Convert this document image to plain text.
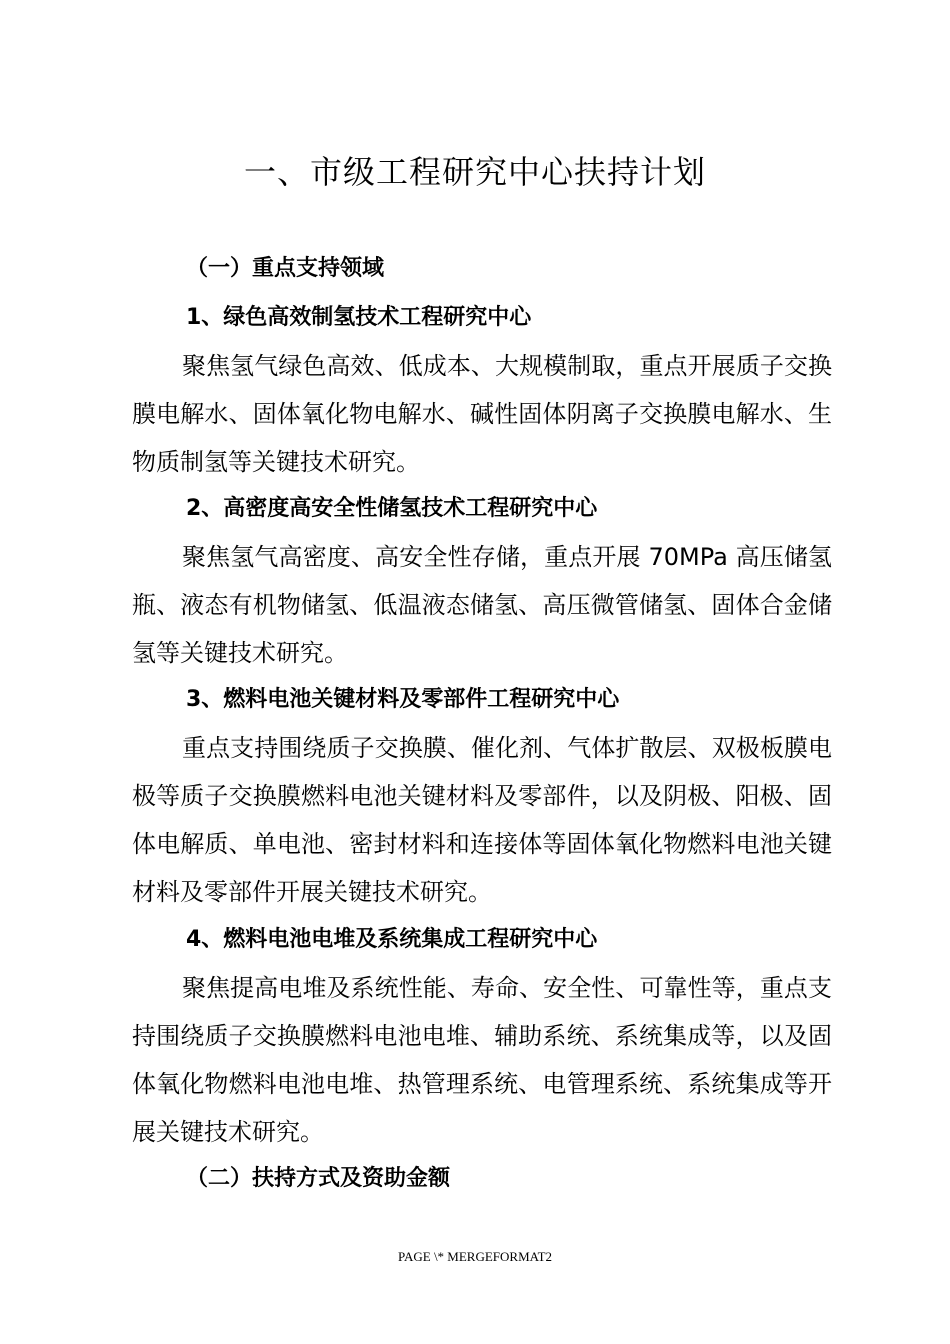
一、市级工程研究中心扶持计划
（一）重点支持领域
1、绿色高效制氢技术工程研究中心
聚焦氢气绿色高效、低成本、大规模制取，重点开展质子交换膜电解水、固体氧化物电解水、碱性固体阴离子交换膜电解水、生物质制氢等关键技术研究。
2、高密度高安全性储氢技术工程研究中心
聚焦氢气高密度、高安全性存储，重点开展 70MPa 高压储氢瓶、液态有机物储氢、低温液态储氢、高压微管储氢、固体合金储氢等关键技术研究。
3、燃料电池关键材料及零部件工程研究中心
重点支持围绕质子交换膜、催化剂、气体扩散层、双极板膜电极等质子交换膜燃料电池关键材料及零部件，以及阴极、阳极、固体电解质、单电池、密封材料和连接体等固体氧化物燃料电池关键材料及零部件开展关键技术研究。
4、燃料电池电堆及系统集成工程研究中心
聚焦提高电堆及系统性能、寿命、安全性、可靠性等，重点支持围绕质子交换膜燃料电池电堆、辅助系统、系统集成等，以及固体氧化物燃料电池电堆、热管理系统、电管理系统、系统集成等开展关键技术研究。
（二）扶持方式及资助金额
PAGE \* MERGEFORMAT2
